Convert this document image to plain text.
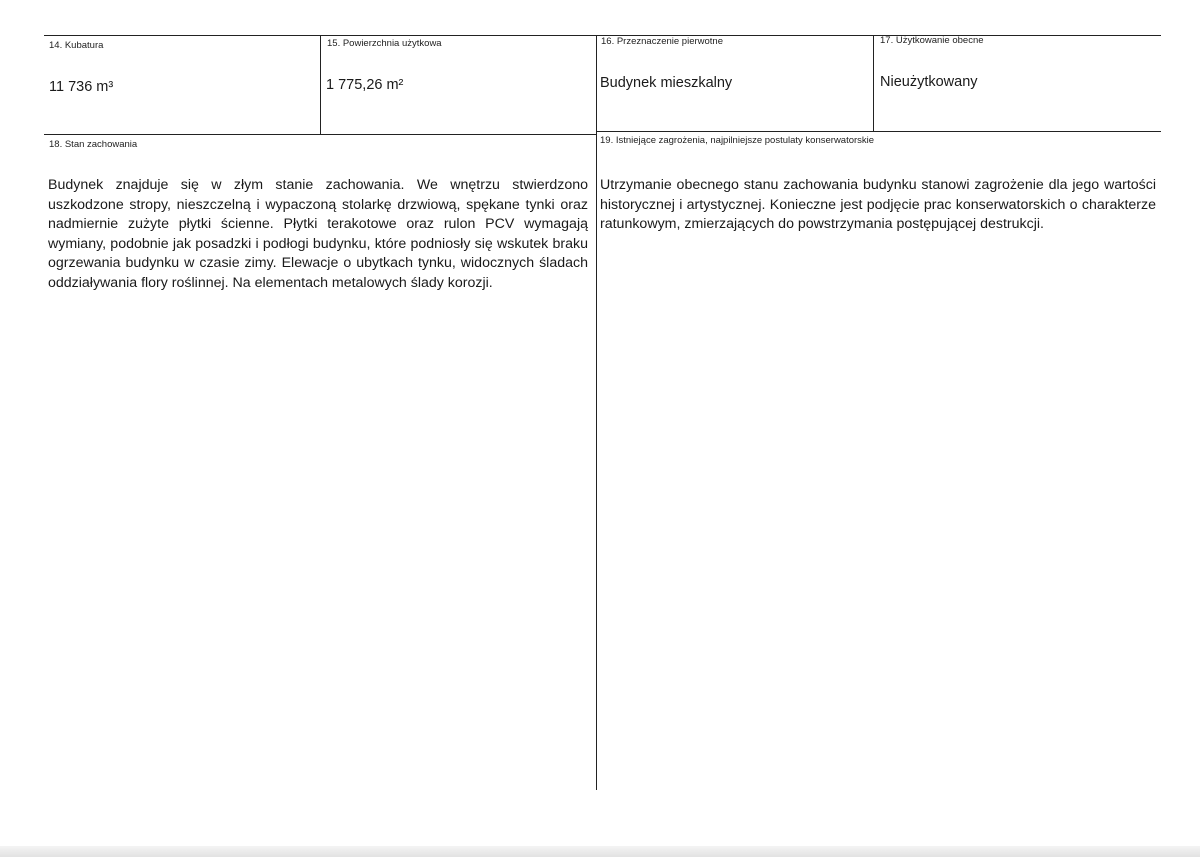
14. Kubatura
11 736 m³
15. Powierzchnia użytkowa
1 775,26 m²
16. Przeznaczenie pierwotne
Budynek mieszkalny
17. Użytkowanie obecne
Nieużytkowany
18. Stan zachowania
Budynek znajduje się w złym stanie zachowania. We wnętrzu stwierdzono uszkodzone stropy, nieszczelną i wypaczoną stolarkę drzwiową, spękane tynki oraz nadmiernie zużyte płytki ścienne. Płytki terakotowe oraz rulon PCV wymagają wymiany, podobnie jak posadzki i podłogi budynku, które podniosły się wskutek braku ogrzewania budynku w czasie zimy. Elewacje o ubytkach tynku, widocznych śladach oddziaływania flory roślinnej. Na elementach metalowych ślady korozji.
19. Istniejące zagrożenia, najpilniejsze postulaty konserwatorskie
Utrzymanie obecnego stanu zachowania budynku stanowi zagrożenie dla jego wartości historycznej i artystycznej. Konieczne jest podjęcie prac konserwatorskich o charakterze ratunkowym, zmierzających do powstrzymania postępującej destrukcji.
